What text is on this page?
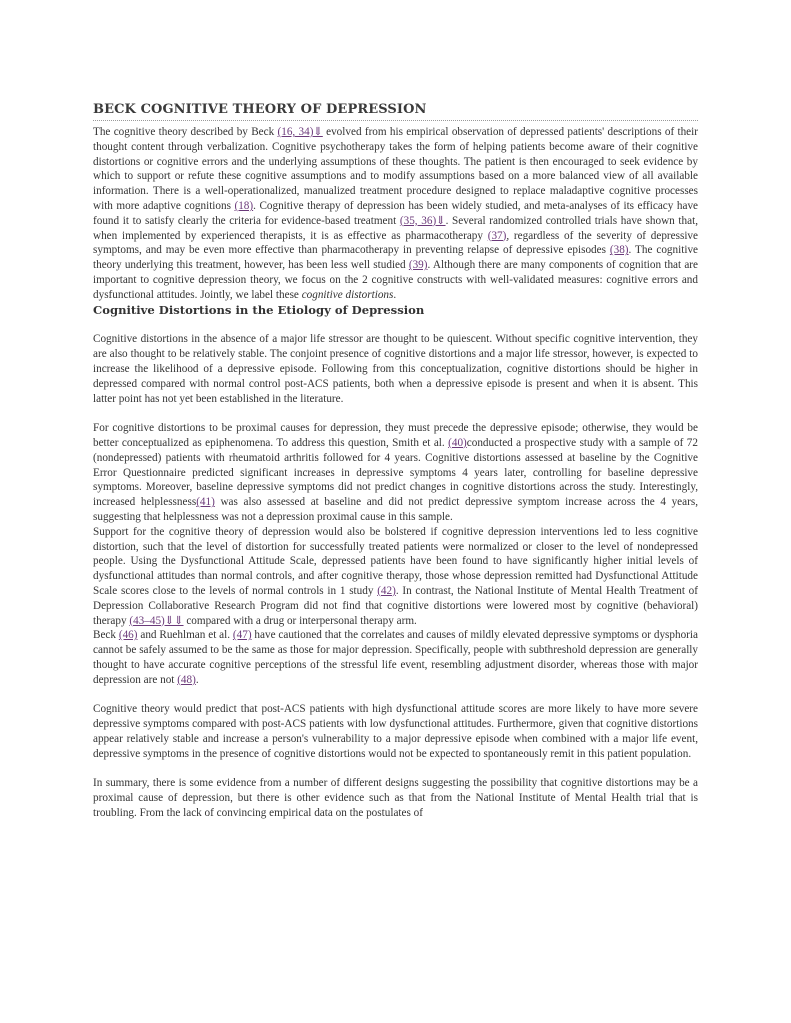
BECK COGNITIVE THEORY OF DEPRESSION

The cognitive theory described by Beck (16, 34)⇓ evolved from his empirical observation of depressed patients' descriptions of their thought content through verbalization. Cognitive psychotherapy takes the form of helping patients become aware of their cognitive distortions or cognitive errors and the underlying assumptions of these thoughts. The patient is then encouraged to seek evidence by which to support or refute these cognitive assumptions and to modify assumptions based on a more balanced view of all available information. There is a well-operationalized, manualized treatment procedure designed to replace maladaptive cognitive processes with more adaptive cognitions (18). Cognitive therapy of depression has been widely studied, and meta-analyses of its efficacy have found it to satisfy clearly the criteria for evidence-based treatment (35, 36)⇓. Several randomized controlled trials have shown that, when implemented by experienced therapists, it is as effective as pharmacotherapy (37), regardless of the severity of depressive symptoms, and may be even more effective than pharmacotherapy in preventing relapse of depressive episodes (38). The cognitive theory underlying this treatment, however, has been less well studied (39). Although there are many components of cognition that are important to cognitive depression theory, we focus on the 2 cognitive constructs with well-validated measures: cognitive errors and dysfunctional attitudes. Jointly, we label these cognitive distortions.

Cognitive Distortions in the Etiology of Depression

Cognitive distortions in the absence of a major life stressor are thought to be quiescent. Without specific cognitive intervention, they are also thought to be relatively stable. The conjoint presence of cognitive distortions and a major life stressor, however, is expected to increase the likelihood of a depressive episode. Following from this conceptualization, cognitive distortions should be higher in depressed compared with normal control post-ACS patients, both when a depressive episode is present and when it is absent. This latter point has not yet been established in the literature.

For cognitive distortions to be proximal causes for depression, they must precede the depressive episode; otherwise, they would be better conceptualized as epiphenomena. To address this question, Smith et al. (40)conducted a prospective study with a sample of 72 (nondepressed) patients with rheumatoid arthritis followed for 4 years. Cognitive distortions assessed at baseline by the Cognitive Error Questionnaire predicted significant increases in depressive symptoms 4 years later, controlling for baseline depressive symptoms. Moreover, baseline depressive symptoms did not predict changes in cognitive distortions across the study. Interestingly, increased helplessness(41) was also assessed at baseline and did not predict depressive symptom increase across the 4 years, suggesting that helplessness was not a depression proximal cause in this sample.

Support for the cognitive theory of depression would also be bolstered if cognitive depression interventions led to less cognitive distortion, such that the level of distortion for successfully treated patients were normalized or closer to the level of nondepressed people. Using the Dysfunctional Attitude Scale, depressed patients have been found to have significantly higher initial levels of dysfunctional attitudes than normal controls, and after cognitive therapy, those whose depression remitted had Dysfunctional Attitude Scale scores close to the levels of normal controls in 1 study (42). In contrast, the National Institute of Mental Health Treatment of Depression Collaborative Research Program did not find that cognitive distortions were lowered most by cognitive (behavioral) therapy (43–45)⇓⇓ compared with a drug or interpersonal therapy arm.

Beck (46) and Ruehlman et al. (47) have cautioned that the correlates and causes of mildly elevated depressive symptoms or dysphoria cannot be safely assumed to be the same as those for major depression. Specifically, people with subthreshold depression are generally thought to have accurate cognitive perceptions of the stressful life event, resembling adjustment disorder, whereas those with major depression are not (48).

Cognitive theory would predict that post-ACS patients with high dysfunctional attitude scores are more likely to have more severe depressive symptoms compared with post-ACS patients with low dysfunctional attitudes. Furthermore, given that cognitive distortions appear relatively stable and increase a person's vulnerability to a major depressive episode when combined with a major life event, depressive symptoms in the presence of cognitive distortions would not be expected to spontaneously remit in this patient population.

In summary, there is some evidence from a number of different designs suggesting the possibility that cognitive distortions may be a proximal cause of depression, but there is other evidence such as that from the National Institute of Mental Health trial that is troubling. From the lack of convincing empirical data on the postulates of
